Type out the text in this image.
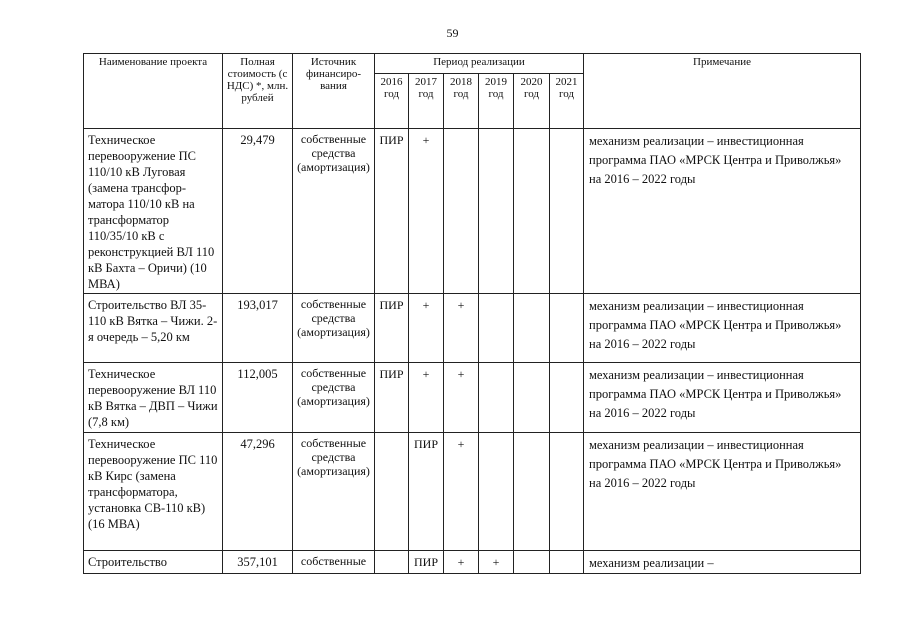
59
Наименование проекта	Полная стоимость (с НДС) *, млн. рублей	Источник финансиро-вания	Период реализации						Примечание
			2016 год	2017 год	2018 год	2019 год	2020 год	2021 год	
Техническое перевооружение ПС 110/10 кВ Луговая (замена трансфор-матора 110/10 кВ на трансформатор 110/35/10 кВ с реконструкцией ВЛ 110 кВ Бахта – Оричи) (10 МВА)	29,479	собственные средства (амортизация)	ПИР	+					механизм реализации – инвестиционная программа ПАО «МРСК Центра и Приволжья» на 2016 – 2022 годы
Строительство ВЛ 35-110 кВ Вятка – Чижи. 2-я очередь – 5,20 км	193,017	собственные средства (амортизация)	ПИР	+	+				механизм реализации – инвестиционная программа ПАО «МРСК Центра и Приволжья» на 2016 – 2022 годы
Техническое перевооружение ВЛ 110 кВ Вятка – ДВП – Чижи (7,8 км)	112,005	собственные средства (амортизация)	ПИР	+	+				механизм реализации – инвестиционная программа ПАО «МРСК Центра и Приволжья» на 2016 – 2022 годы
Техническое перевооружение ПС 110 кВ Кирс (замена трансформатора, установка СВ-110 кВ) (16 МВА)	47,296	собственные средства (амортизация)		ПИР	+				механизм реализации – инвестиционная программа ПАО «МРСК Центра и Приволжья» на 2016 – 2022 годы
Строительство	357,101	собственные		ПИР	+	+			механизм реализации –
